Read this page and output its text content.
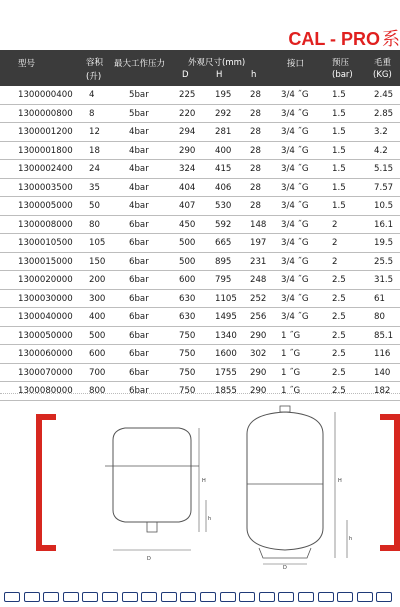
CAL - PRO 系
型号	容积
(升)
最大工作压力	外观尺寸(mm)
D	H	h
接口	预压
(bar)
毛重
(KG)
1300000400 4	5bar	225 195 28 3/4 ˝G	1.5	2.45
1300000800 8	5bar	220 292 28 3/4 ˝G	1.5	2.85
1300001200 12	4bar	294 281 28 3/4 ˝G	1.5	3.2
1300001800 18	4bar	290 400 28 3/4 ˝G	1.5	4.2
1300002400 24	4bar	324 415 28 3/4 ˝G	1.5	5.15
1300003500 35	4bar	404 406 28 3/4 ˝G	1.5	7.57
1300005000 50	4bar	407 530 28 3/4 ˝G	1.5	10.5
1300008000 80	6bar	450 592 148 3/4 ˝G	2	16.1
1300010500 105	6bar	500 665 197 3/4 ˝G	2	19.5
1300015000 150	6bar	500 895 231 3/4 ˝G	2	25.5
1300020000 200	6bar	600 795 248 3/4 ˝G	2.5	31.5
1300030000 300	6bar	630 1105 252 3/4 ˝G	2.5	61
1300040000 400	6bar	630 1495 256 3/4 ˝G	2.5	80
1300050000 500	6bar	750 1340 290 1 ˝G	2.5	85.1
1300060000 600	6bar	750 1600 302 1 ˝G	2.5	116
1300070000 700	6bar	750 1755 290 1 ˝G	2.5	140
1300080000 800	6bar	750 1855 290 1 ˝G	2.5	182
D
H
h
D
H
h
